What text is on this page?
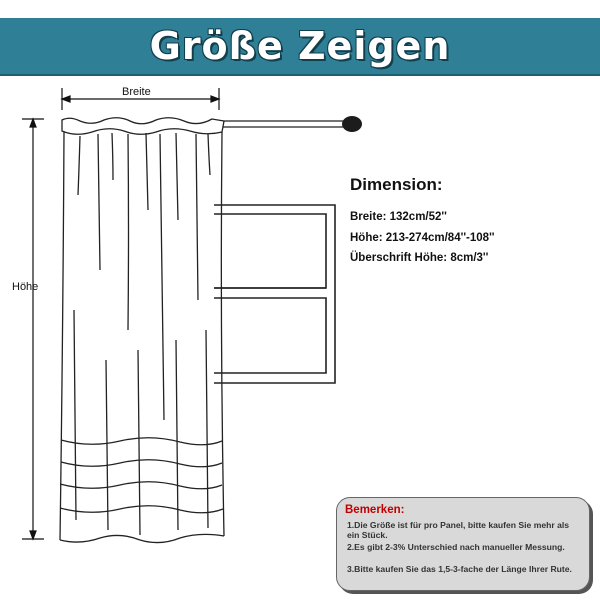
Größe Zeigen
Breite
Höhe
Dimension:
Breite: 132cm/52''
Höhe: 213-274cm/84''-108''
Überschrift Höhe: 8cm/3''
Bemerken:
1.Die Größe ist für pro Panel, bitte kaufen Sie mehr als ein Stück.
2.Es gibt 2-3% Unterschied nach manueller Messung.
3.Bitte kaufen Sie das 1,5-3-fache der Länge Ihrer Rute.
